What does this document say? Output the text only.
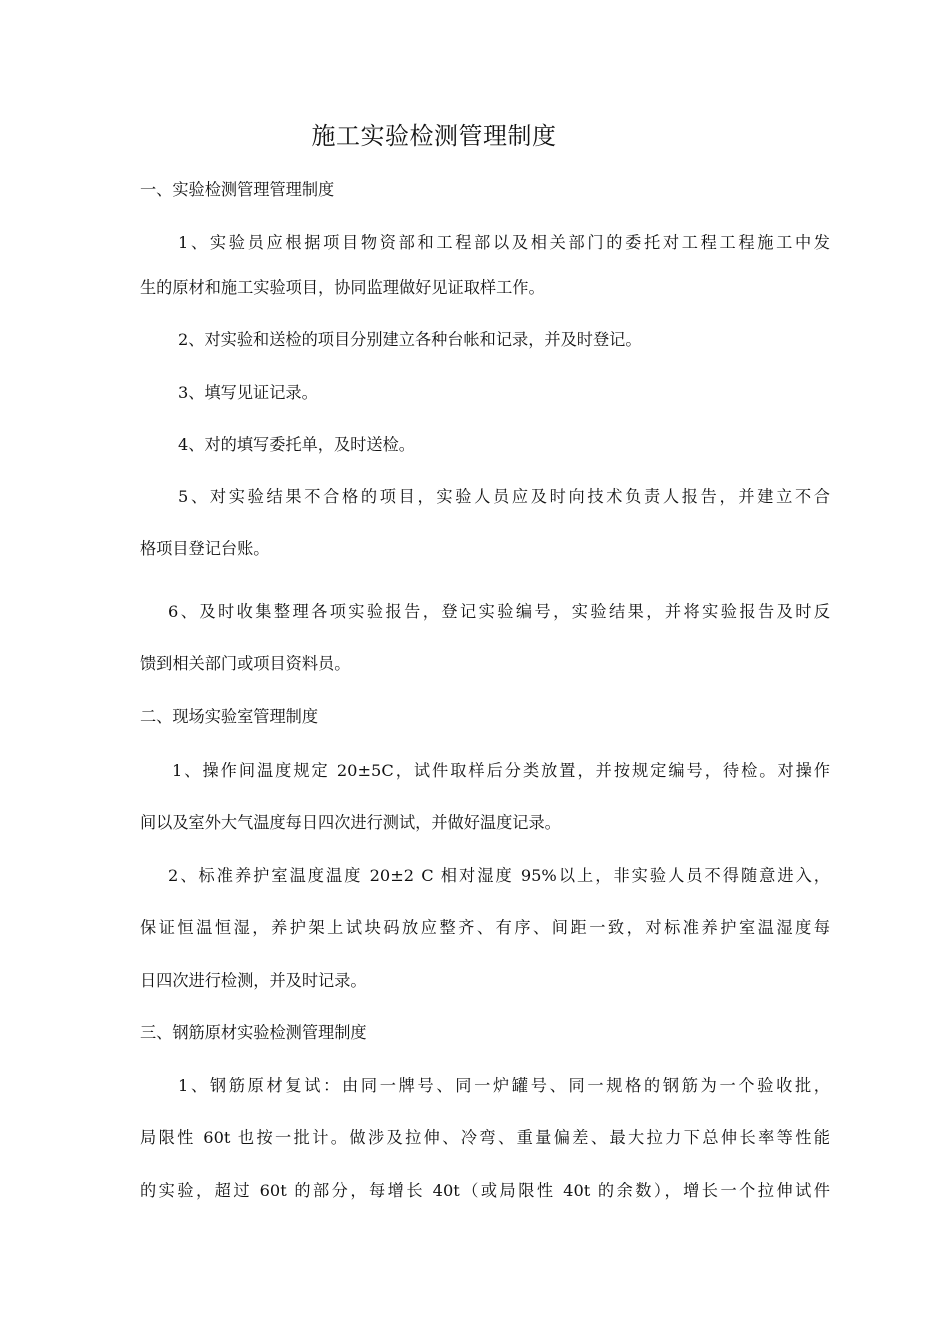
施工实验检测管理制度
一、实验检测管理管理制度
1、实验员应根据项目物资部和工程部以及相关部门的委托对工程工程施工中发
生的原材和施工实验项目，协同监理做好见证取样工作。
2、对实验和送检的项目分别建立各种台帐和记录，并及时登记。
3、填写见证记录。
4、对的填写委托单，及时送检。
5、对实验结果不合格的项目，实验人员应及时向技术负责人报告，并建立不合
格项目登记台账。
6、及时收集整理各项实验报告，登记实验编号，实验结果，并将实验报告及时反
馈到相关部门或项目资料员。
二、现场实验室管理制度
1、操作间温度规定 20±5C，试件取样后分类放置，并按规定编号，待检。对操作
间以及室外大气温度每日四次进行测试，并做好温度记录。
2、标准养护室温度温度 20±2 C 相对湿度 95%以上，非实验人员不得随意进入，
保证恒温恒湿，养护架上试块码放应整齐、有序、间距一致，对标准养护室温湿度每
日四次进行检测，并及时记录。
三、钢筋原材实验检测管理制度
1、钢筋原材复试：由同一牌号、同一炉罐号、同一规格的钢筋为一个验收批，
局限性 60t 也按一批计。做涉及拉伸、冷弯、重量偏差、最大拉力下总伸长率等性能
的实验，超过 60t 的部分，每增长 40t（或局限性 40t 的余数），增长一个拉伸试件
